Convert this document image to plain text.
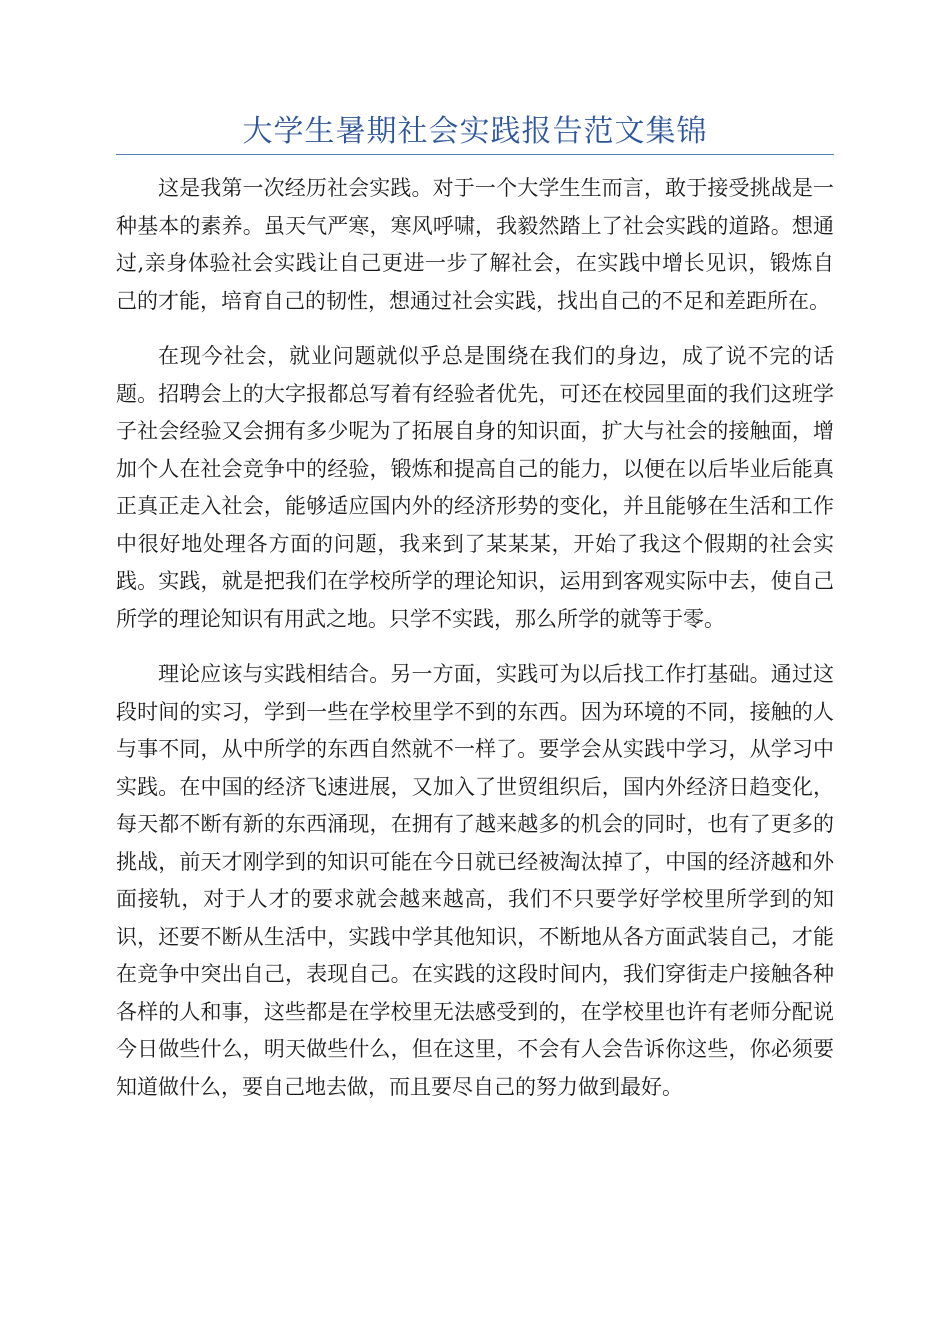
大学生暑期社会实践报告范文集锦

这是我第一次经历社会实践。对于一个大学生生而言，敢于接受挑战是一种基本的素养。虽天气严寒，寒风呼啸，我毅然踏上了社会实践的道路。想通过,亲身体验社会实践让自己更进一步了解社会，在实践中增长见识，锻炼自己的才能，培育自己的韧性，想通过社会实践，找出自己的不足和差距所在。

在现今社会，就业问题就似乎总是围绕在我们的身边，成了说不完的话题。招聘会上的大字报都总写着有经验者优先，可还在校园里面的我们这班学子社会经验又会拥有多少呢为了拓展自身的知识面，扩大与社会的接触面，增加个人在社会竞争中的经验，锻炼和提高自己的能力，以便在以后毕业后能真正真正走入社会，能够适应国内外的经济形势的变化，并且能够在生活和工作中很好地处理各方面的问题，我来到了某某某，开始了我这个假期的社会实践。实践，就是把我们在学校所学的理论知识，运用到客观实际中去，使自己所学的理论知识有用武之地。只学不实践，那么所学的就等于零。

理论应该与实践相结合。另一方面，实践可为以后找工作打基础。通过这段时间的实习，学到一些在学校里学不到的东西。因为环境的不同，接触的人与事不同，从中所学的东西自然就不一样了。要学会从实践中学习，从学习中实践。在中国的经济飞速进展，又加入了世贸组织后，国内外经济日趋变化，每天都不断有新的东西涌现，在拥有了越来越多的机会的同时，也有了更多的挑战，前天才刚学到的知识可能在今日就已经被淘汰掉了，中国的经济越和外面接轨，对于人才的要求就会越来越高，我们不只要学好学校里所学到的知识，还要不断从生活中，实践中学其他知识，不断地从各方面武装自己，才能在竞争中突出自己，表现自己。在实践的这段时间内，我们穿街走户接触各种各样的人和事，这些都是在学校里无法感受到的，在学校里也许有老师分配说今日做些什么，明天做些什么，但在这里，不会有人会告诉你这些，你必须要知道做什么，要自己地去做，而且要尽自己的努力做到最好。
